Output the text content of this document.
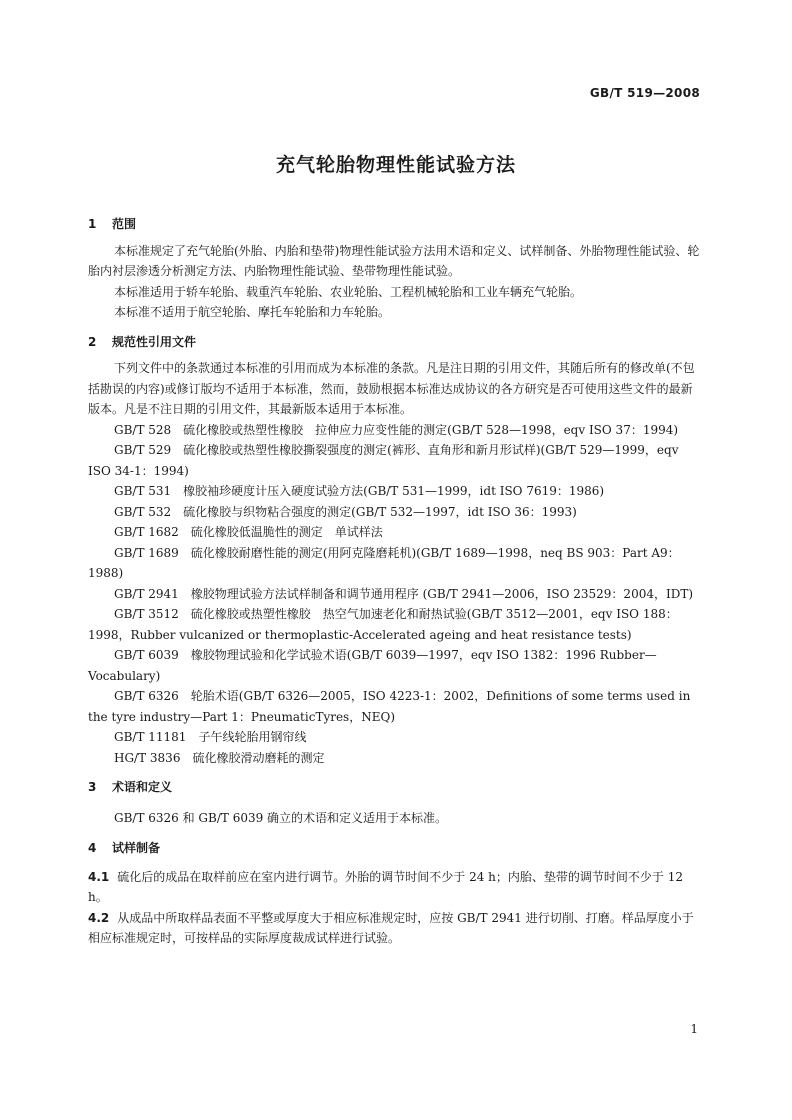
GB/T 519—2008
充气轮胎物理性能试验方法
1 范围

本标准规定了充气轮胎(外胎、内胎和垫带)物理性能试验方法用术语和定义、试样制备、外胎物理性能试验、轮胎内衬层渗透分析测定方法、内胎物理性能试验、垫带物理性能试验。

本标准适用于轿车轮胎、载重汽车轮胎、农业轮胎、工程机械轮胎和工业车辆充气轮胎。

本标准不适用于航空轮胎、摩托车轮胎和力车轮胎。

2 规范性引用文件

下列文件中的条款通过本标准的引用而成为本标准的条款。凡是注日期的引用文件，其随后所有的修改单(不包括勘误的内容)或修订版均不适用于本标准，然而，鼓励根据本标准达成协议的各方研究是否可使用这些文件的最新版本。凡是不注日期的引用文件，其最新版本适用于本标准。

GB/T 528　硫化橡胶或热塑性橡胶　拉伸应力应变性能的测定(GB/T 528—1998，eqv ISO 37：1994)

GB/T 529　硫化橡胶或热塑性橡胶撕裂强度的测定(裤形、直角形和新月形试样)(GB/T 529—1999，eqv ISO 34-1：1994)

GB/T 531　橡胶袖珍硬度计压入硬度试验方法(GB/T 531—1999，idt ISO 7619：1986)

GB/T 532　硫化橡胶与织物粘合强度的测定(GB/T 532—1997，idt ISO 36：1993)

GB/T 1682　硫化橡胶低温脆性的测定　单试样法

GB/T 1689　硫化橡胶耐磨性能的测定(用阿克隆磨耗机)(GB/T 1689—1998，neq BS 903：Part A9：1988)

GB/T 2941　橡胶物理试验方法试样制备和调节通用程序 (GB/T 2941—2006，ISO 23529：2004，IDT)

GB/T 3512　硫化橡胶或热塑性橡胶　热空气加速老化和耐热试验(GB/T 3512—2001，eqv ISO 188：1998，Rubber vulcanized or thermoplastic-Accelerated ageing and heat resistance tests)

GB/T 6039　橡胶物理试验和化学试验术语(GB/T 6039—1997，eqv ISO 1382：1996 Rubber—Vocabulary)

GB/T 6326　轮胎术语(GB/T 6326—2005，ISO 4223-1：2002，Definitions of some terms used in the tyre industry—Part 1：PneumaticTyres，NEQ)

GB/T 11181　子午线轮胎用钢帘线

HG/T 3836　硫化橡胶滑动磨耗的测定

3 术语和定义

GB/T 6326 和 GB/T 6039 确立的术语和定义适用于本标准。

4 试样制备

4.1 硫化后的成品在取样前应在室内进行调节。外胎的调节时间不少于 24 h；内胎、垫带的调节时间不少于 12 h。

4.2 从成品中所取样品表面不平整或厚度大于相应标准规定时，应按 GB/T 2941 进行切削、打磨。样品厚度小于相应标准规定时，可按样品的实际厚度裁成试样进行试验。

1
